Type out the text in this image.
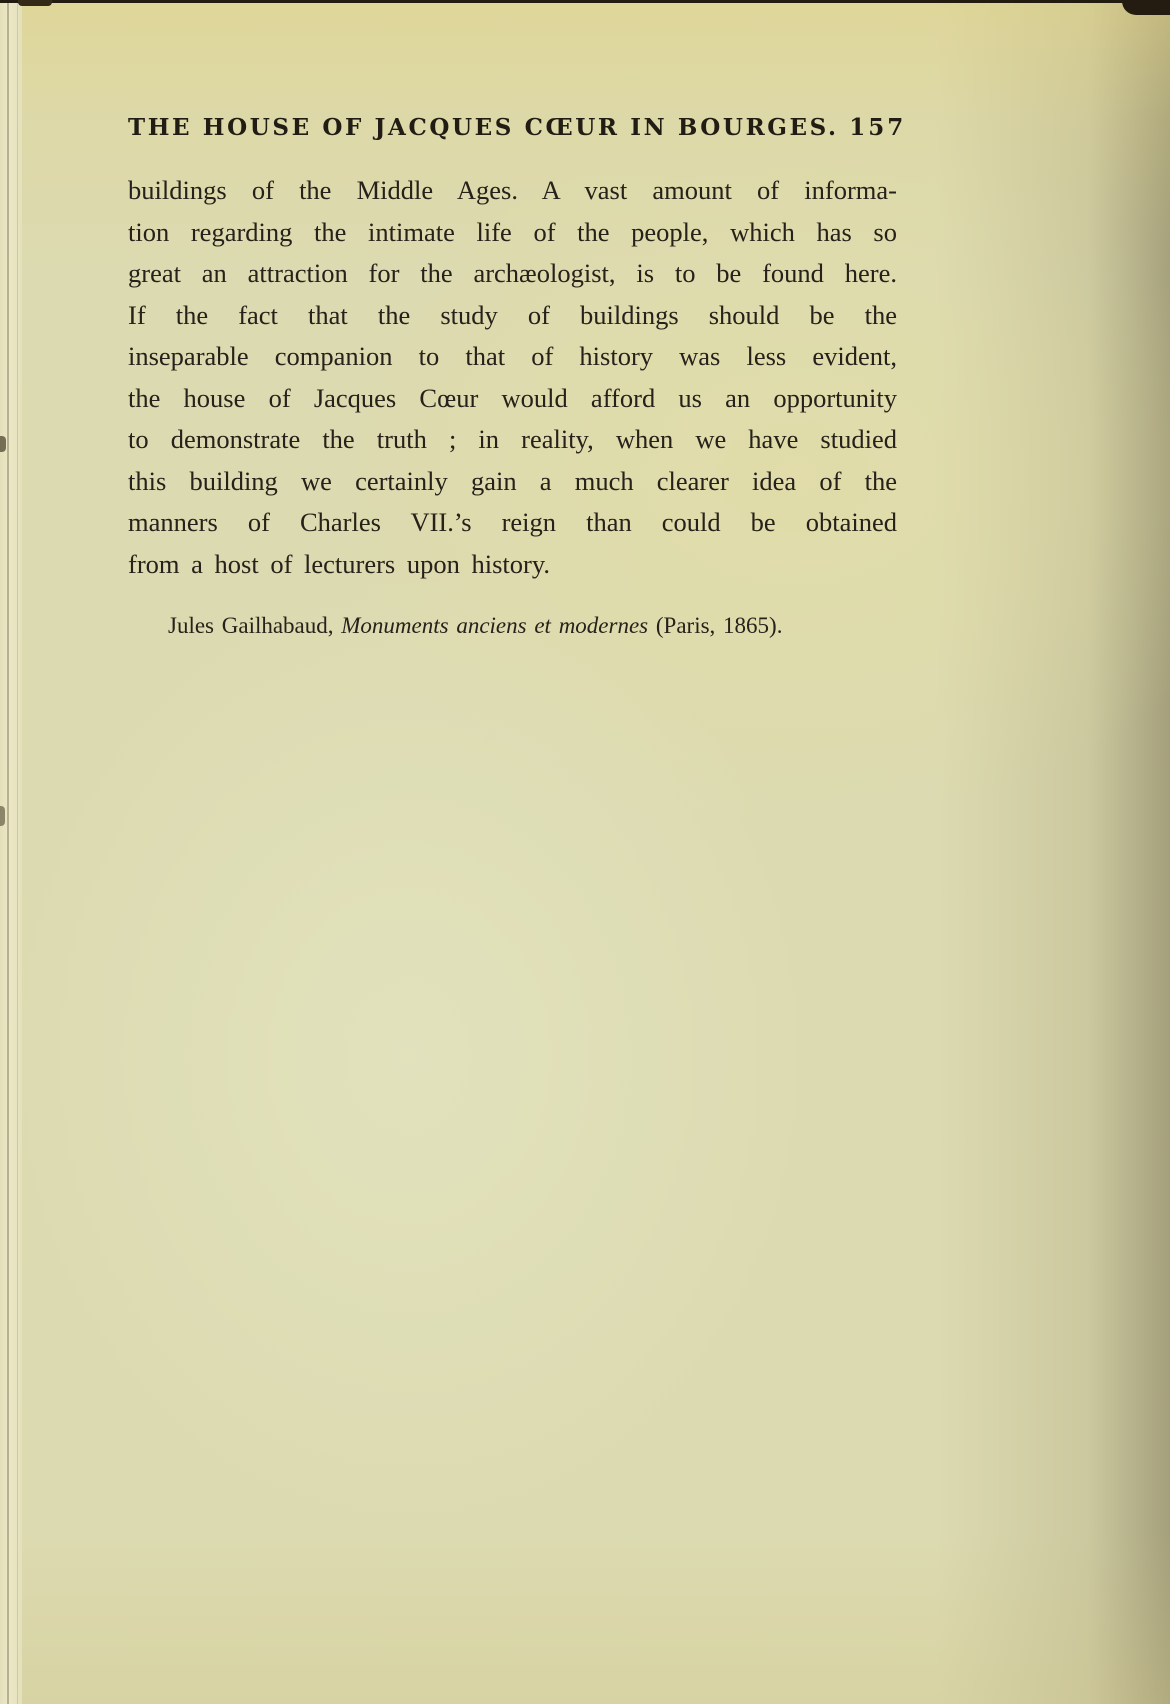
THE HOUSE OF JACQUES CŒUR IN BOURGES. 157
buildings of the Middle Ages. A vast amount of informa-
tion regarding the intimate life of the people, which has so
great an attraction for the archæologist, is to be found here.
If the fact that the study of buildings should be the
inseparable companion to that of history was less evident,
the house of Jacques Cœur would afford us an opportunity
to demonstrate the truth ; in reality, when we have studied
this building we certainly gain a much clearer idea of the
manners of Charles VII.’s reign than could be obtained
from a host of lecturers upon history.
Jules Gailhabaud, Monuments anciens et modernes (Paris, 1865).
